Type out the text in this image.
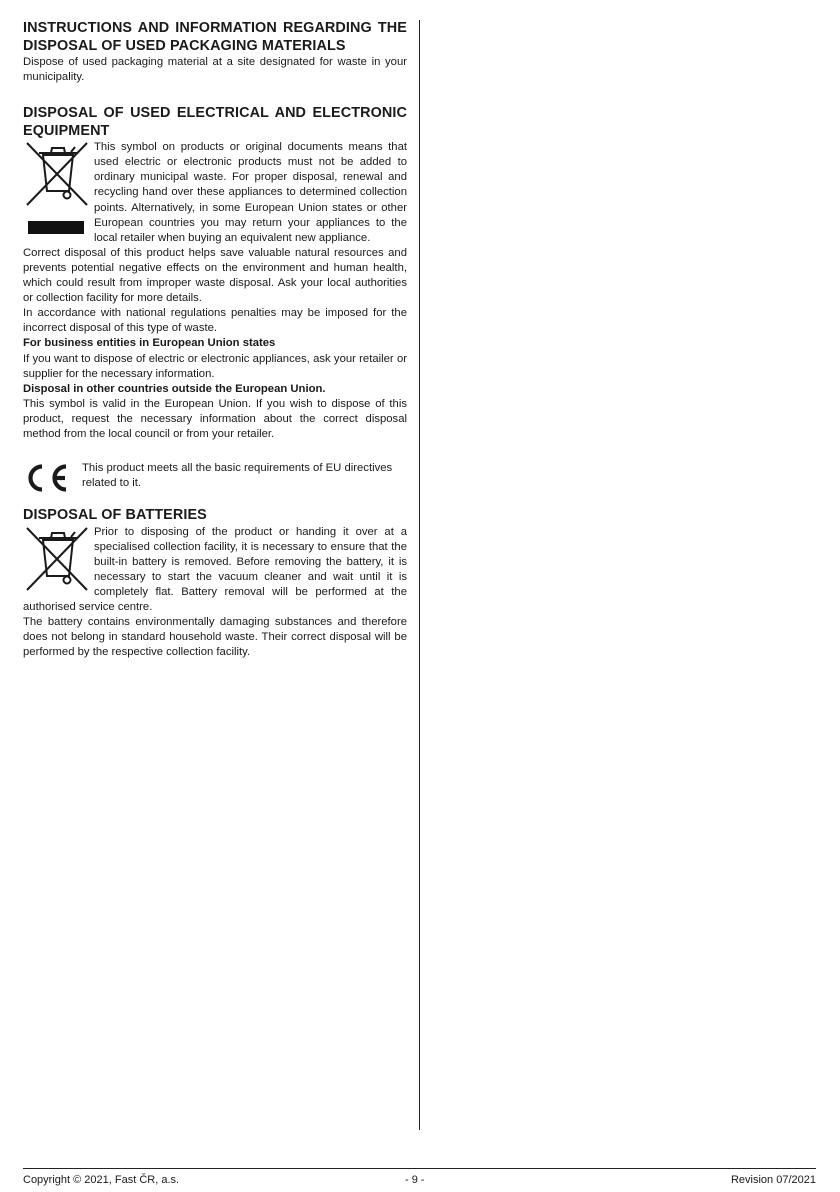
INSTRUCTIONS AND INFORMATION REGARDING THE DISPOSAL OF USED PACKAGING MATERIALS

Dispose of used packaging material at a site designated for waste in your municipality.

DISPOSAL OF USED ELECTRICAL AND ELECTRONIC EQUIPMENT

This symbol on products or original documents means that used electric or electronic products must not be added to ordinary municipal waste. For proper disposal, renewal and recycling hand over these appliances to determined collection points. Alternatively, in some European Union states or other European countries you may return your appliances to the local retailer when buying an equivalent new appliance.

Correct disposal of this product helps save valuable natural resources and prevents potential negative effects on the environment and human health, which could result from improper waste disposal. Ask your local authorities or collection facility for more details.

In accordance with national regulations penalties may be imposed for the incorrect disposal of this type of waste.

For business entities in European Union states

If you want to dispose of electric or electronic appliances, ask your retailer or supplier for the necessary information.

Disposal in other countries outside the European Union.

This symbol is valid in the European Union. If you wish to dispose of this product, request the necessary information about the correct disposal method from the local council or from your retailer.

This product meets all the basic requirements of EU directives related to it.

DISPOSAL OF BATTERIES

Prior to disposing of the product or handing it over at a specialised collection facility, it is necessary to ensure that the built-in battery is removed. Before removing the battery, it is necessary to start the vacuum cleaner and wait until it is completely flat. Battery removal will be performed at the authorised service centre.

The battery contains environmentally damaging substances and therefore does not belong in standard household waste. Their correct disposal will be performed by the respective collection facility.

Copyright © 2021, Fast ČR, a.s.	- 9 -	Revision 07/2021
